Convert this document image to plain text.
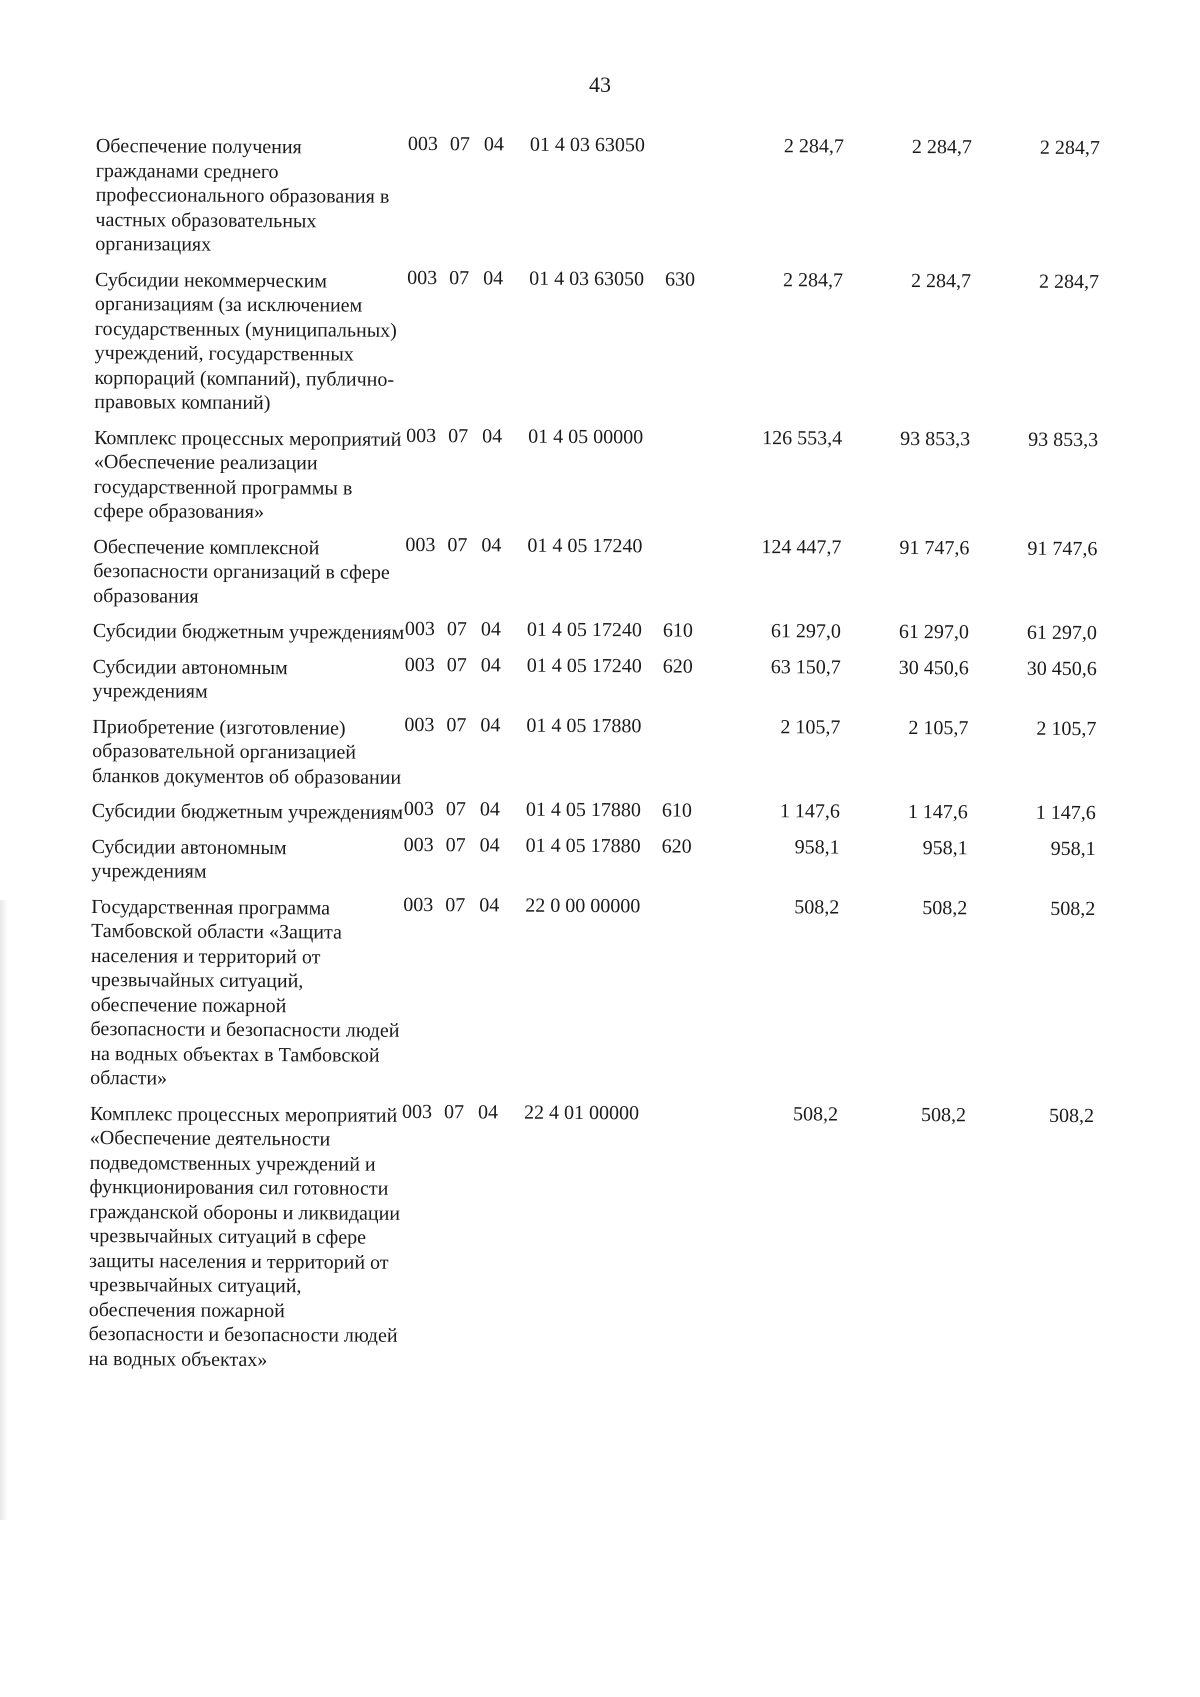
43
Обеспечение получения гражданами среднего профессионального образования в частных образовательных организациях
003 07 04	01 4 03 63050	2 284,7	2 284,7	2 284,7
Субсидии некоммерческим организациям (за исключением государственных (муниципальных) учреждений, государственных корпораций (компаний), публично-правовых компаний)
003 07 04	01 4 03 63050	630	2 284,7	2 284,7	2 284,7
Комплекс процессных мероприятий «Обеспечение реализации государственной программы в сфере образования»
003 07 04	01 4 05 00000	126 553,4	93 853,3	93 853,3
Обеспечение комплексной безопасности организаций в сфере образования
003 07 04	01 4 05 17240	124 447,7	91 747,6	91 747,6
Субсидии бюджетным учреждениям 003 07 04	01 4 05 17240	610	61 297,0	61 297,0	61 297,0
Субсидии автономным учреждениям
003 07 04	01 4 05 17240	620	63 150,7	30 450,6	30 450,6
Приобретение (изготовление) образовательной организацией бланков документов об образовании
003 07 04	01 4 05 17880	2 105,7	2 105,7	2 105,7
Субсидии бюджетным учреждениям 003 07 04	01 4 05 17880	610	1 147,6	1 147,6	1 147,6
Субсидии автономным учреждениям
003 07 04	01 4 05 17880	620	958,1	958,1	958,1
Государственная программа Тамбовской области «Защита населения и территорий от чрезвычайных ситуаций, обеспечение пожарной безопасности и безопасности людей на водных объектах в Тамбовской области»
003 07 04	22 0 00 00000	508,2	508,2	508,2
Комплекс процессных мероприятий «Обеспечение деятельности подведомственных учреждений и функционирования сил готовности гражданской обороны и ликвидации чрезвычайных ситуаций в сфере защиты населения и территорий от чрезвычайных ситуаций, обеспечения пожарной безопасности и безопасности людей на водных объектах»
003 07 04	22 4 01 00000	508,2	508,2	508,2
